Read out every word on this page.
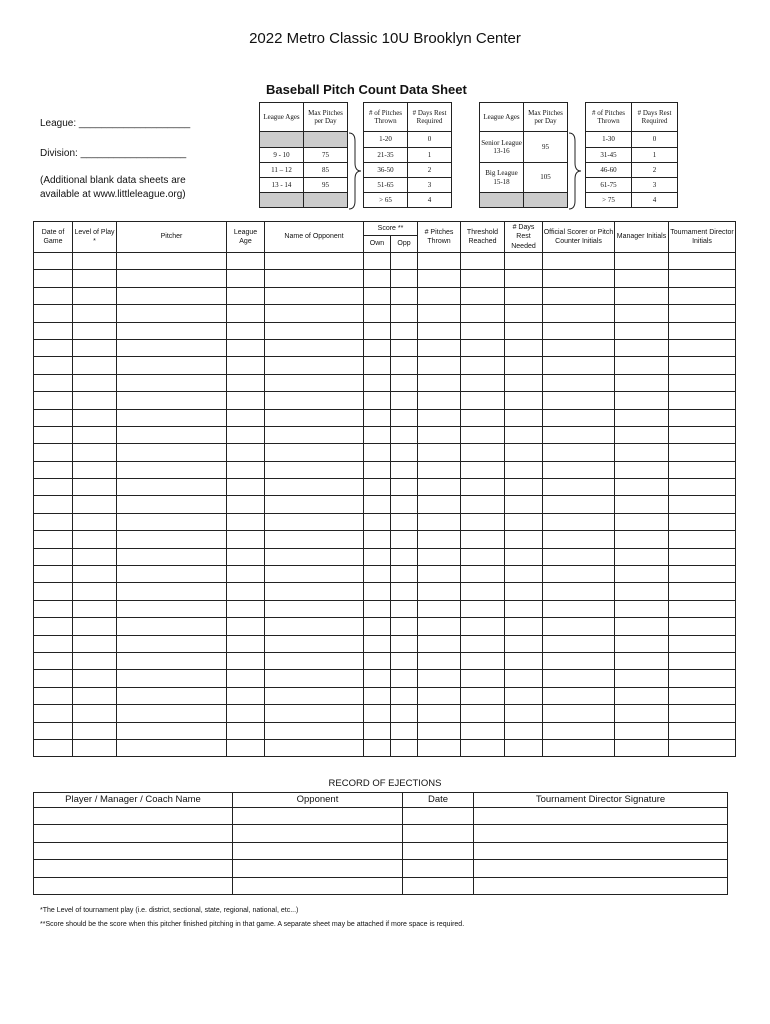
2022 Metro Classic 10U Brooklyn Center
Baseball Pitch Count Data Sheet
League: ____________________
Division: ___________________
(Additional blank data sheets are
available at www.littleleague.org)
League Ages	Max Pitches per Day

9 - 10	75
11 – 12	85
13 - 14	95

# of Pitches Thrown	# Days Rest Required
1-20	0
21-35	1
36-50	2
51-65	3
> 65	4
League Ages	Max Pitches per Day
Senior League
13-16	95
Big League
15-18	105

# of Pitches Thrown	# Days Rest Required
1-30	0
31-45	1
46-60	2
61-75	3
> 75	4
Date of Game	Level of Play *	Pitcher	League Age	Name of Opponent	Score **		# Pitches Thrown	Threshold Reached	# Days Rest Needed	Official Scorer or Pitch Counter Initials	Manager Initials	Tournament Director Initials
					Own	Opp						

RECORD OF EJECTIONS
Player / Manager / Coach Name	Opponent	Date	Tournament Director Signature

*The Level of tournament play (i.e. district, sectional, state, regional, national, etc...)
**Score should be the score when this pitcher finished pitching in that game. A separate sheet may be attached if more space is required.
